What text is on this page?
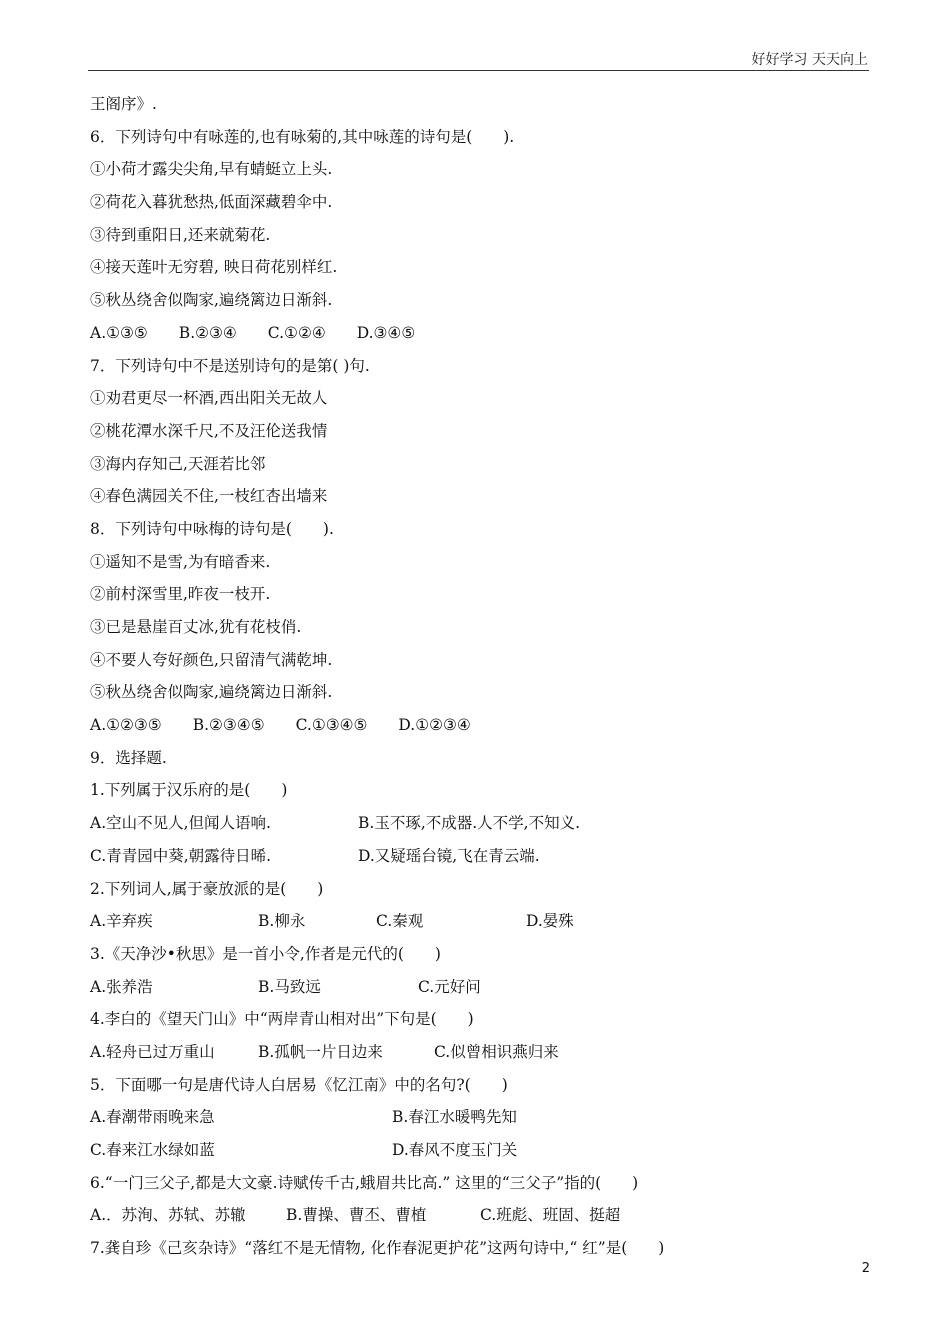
好好学习 天天向上
王阁序》.
6．下列诗句中有咏莲的,也有咏菊的,其中咏莲的诗句是(　　).
①小荷才露尖尖角,早有蜻蜓立上头.
②荷花入暮犹愁热,低面深藏碧伞中.
③待到重阳日,还来就菊花.
④接天莲叶无穷碧, 映日荷花别样红.
⑤秋丛绕舍似陶家,遍绕篱边日渐斜.
A.①③⑤　　B.②③④　　C.①②④　　D.③④⑤
7．下列诗句中不是送别诗句的是第( )句.
①劝君更尽一杯酒,西出阳关无故人
②桃花潭水深千尺,不及汪伦送我情
③海内存知己,天涯若比邻
④春色满园关不住,一枝红杏出墙来
8．下列诗句中咏梅的诗句是(　　).
①遥知不是雪,为有暗香来.
②前村深雪里,昨夜一枝开.
③已是悬崖百丈冰,犹有花枝俏.
④不要人夸好颜色,只留清气满乾坤.
⑤秋丛绕舍似陶家,遍绕篱边日渐斜.
A.①②③⑤　　B.②③④⑤　　C.①③④⑤　　D.①②③④
9．选择题.
1.下列属于汉乐府的是(　　)
A.空山不见人,但闻人语响.	B.玉不琢,不成器.人不学,不知义.
C.青青园中葵,朝露待日晞.	D.又疑瑶台镜,飞在青云端.
2.下列词人,属于豪放派的是(　　)
A.辛弃疾	B.柳永	C.秦观	D.晏殊
3.《天净沙•秋思》是一首小令,作者是元代的(　　)
A.张养浩	B.马致远	C.元好问
4.李白的《望天门山》中“两岸青山相对出”下句是(　　)
A.轻舟已过万重山	B.孤帆一片日边来	C.似曾相识燕归来
5．下面哪一句是唐代诗人白居易《忆江南》中的名句?(　　)
A.春潮带雨晚来急	B.春江水暖鸭先知
C.春来江水绿如蓝	D.春风不度玉门关
6.“一门三父子,都是大文豪.诗赋传千古,蛾眉共比高.” 这里的“三父子”指的(　　)
A.．苏洵、苏轼、苏辙	B.曹操、曹丕、曹植	C.班彪、班固、挺超
7.龚自珍《己亥杂诗》“落红不是无情物, 化作春泥更护花”这两句诗中,“ 红”是(　　)
2
